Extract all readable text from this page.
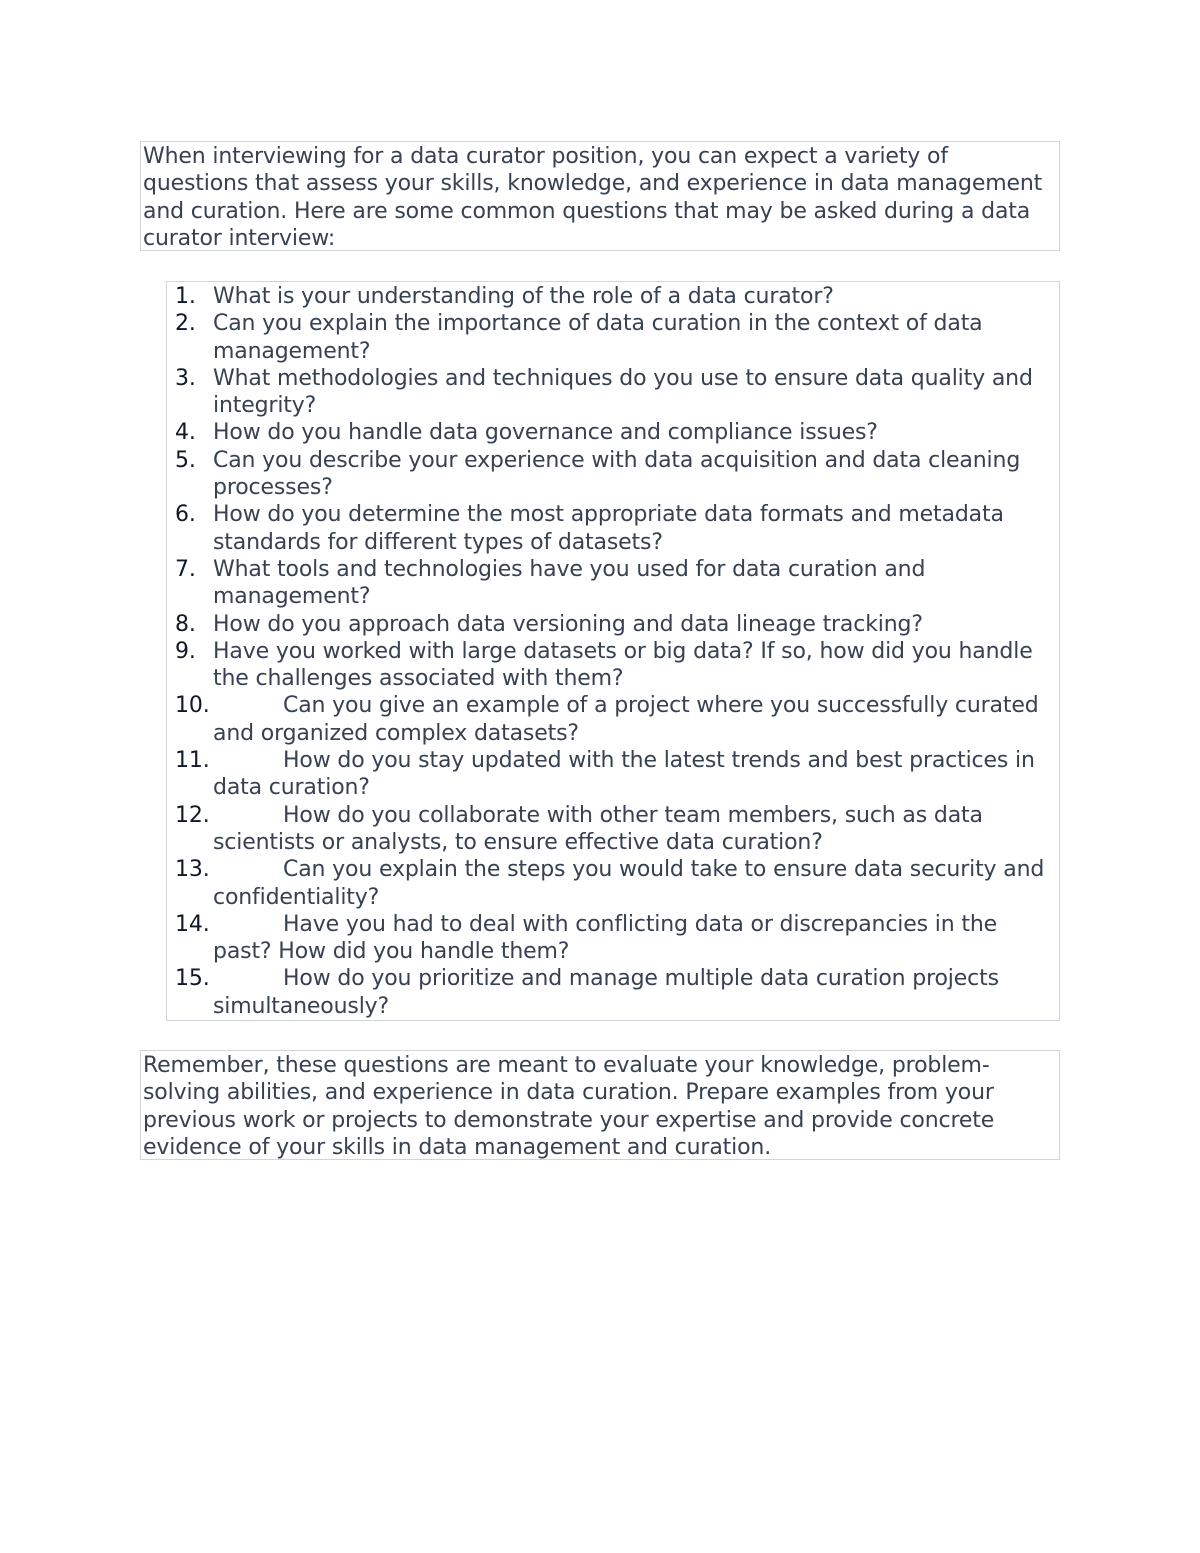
When interviewing for a data curator position, you can expect a variety of questions that assess your skills, knowledge, and experience in data management and curation. Here are some common questions that may be asked during a data curator interview:

1. What is your understanding of the role of a data curator?
2. Can you explain the importance of data curation in the context of data management?
3. What methodologies and techniques do you use to ensure data quality and integrity?
4. How do you handle data governance and compliance issues?
5. Can you describe your experience with data acquisition and data cleaning processes?
6. How do you determine the most appropriate data formats and metadata standards for different types of datasets?
7. What tools and technologies have you used for data curation and management?
8. How do you approach data versioning and data lineage tracking?
9. Have you worked with large datasets or big data? If so, how did you handle the challenges associated with them?
10.	Can you give an example of a project where you successfully curated and organized complex datasets?
11.	How do you stay updated with the latest trends and best practices in data curation?
12.	How do you collaborate with other team members, such as data scientists or analysts, to ensure effective data curation?
13.	Can you explain the steps you would take to ensure data security and confidentiality?
14.	Have you had to deal with conflicting data or discrepancies in the past? How did you handle them?
15.	How do you prioritize and manage multiple data curation projects simultaneously?

Remember, these questions are meant to evaluate your knowledge, problem-solving abilities, and experience in data curation. Prepare examples from your previous work or projects to demonstrate your expertise and provide concrete evidence of your skills in data management and curation.
